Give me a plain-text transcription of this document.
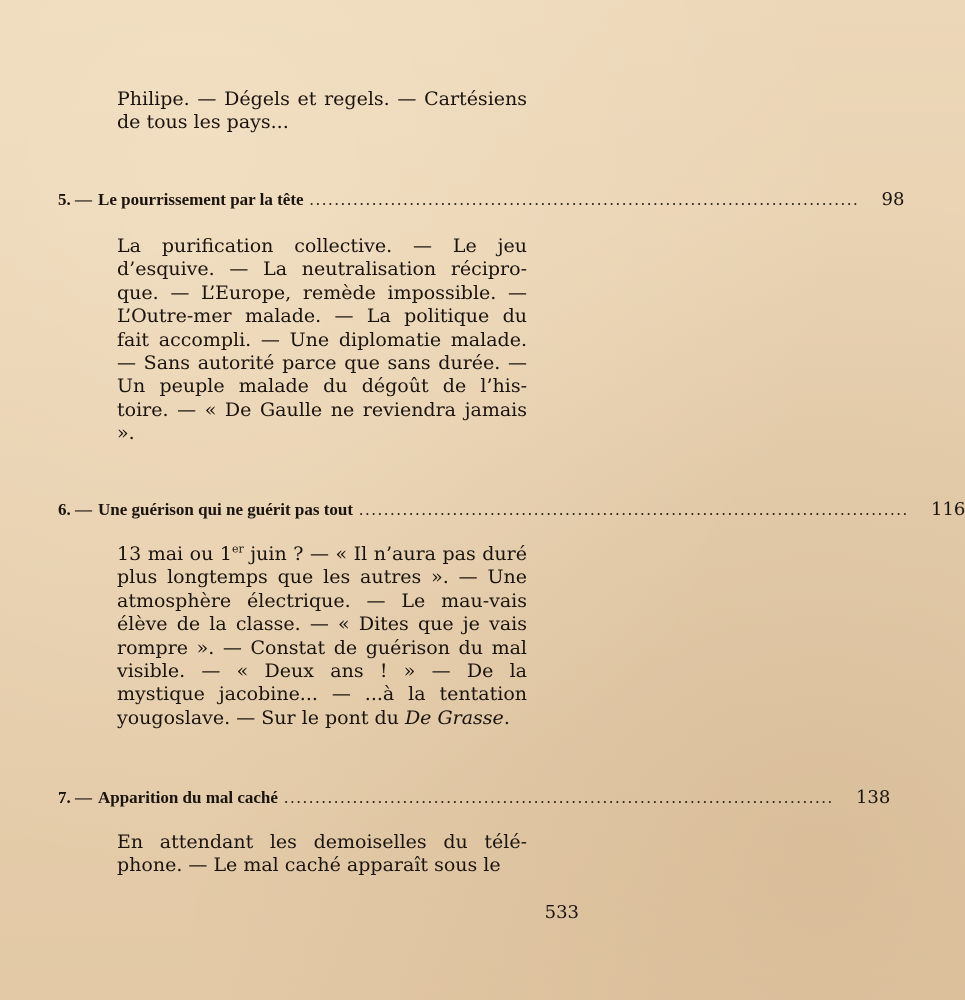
Philipe. — Dégels et regels. — Cartésiens de tous les pays...

5. — Le pourrissement par la tête ........................................................................................ 98

La purification collective. — Le jeu d’esquive. — La neutralisation récipro-que. — L’Europe, remède impossible. — L’Outre-mer malade. — La politique du fait accompli. — Une diplomatie malade. — Sans autorité parce que sans durée. — Un peuple malade du dégoût de l’his-toire. — « De Gaulle ne reviendra jamais ».

6. — Une guérison qui ne guérit pas tout ........................................................................................ 116

13 mai ou 1er juin ? — « Il n’aura pas duré plus longtemps que les autres ». — Une atmosphère électrique. — Le mau-vais élève de la classe. — « Dites que je vais rompre ». — Constat de guérison du mal visible. — « Deux ans ! » — De la mystique jacobine... — ...à la tentation yougoslave. — Sur le pont du De Grasse.

7. — Apparition du mal caché ........................................................................................ 138

En attendant les demoiselles du télé-phone. — Le mal caché apparaît sous le

533
